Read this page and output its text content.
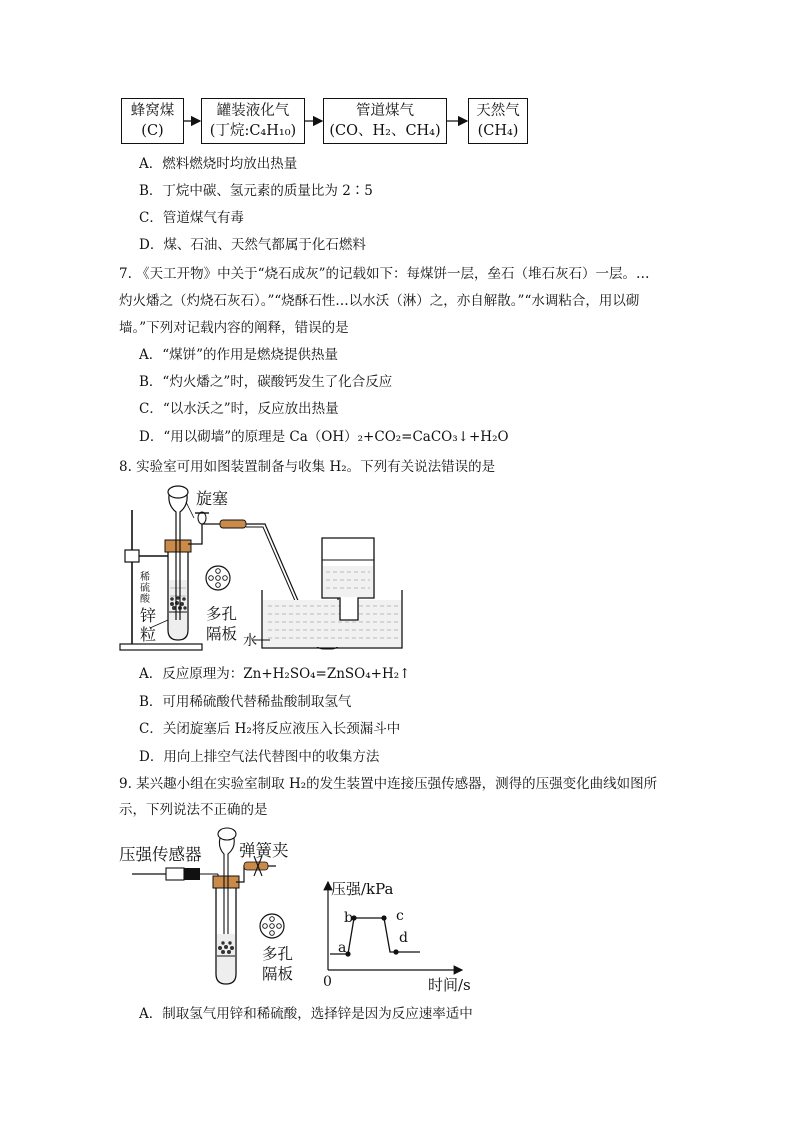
蜂窝煤
(C)
罐装液化气
(丁烷:C₄H₁₀)
管道煤气
(CO、H₂、CH₄)
天然气
(CH₄)
A．燃料燃烧时均放出热量
B．丁烷中碳、氢元素的质量比为 2∶5
C．管道煤气有毒
D．煤、石油、天然气都属于化石燃料
7. 《天工开物》中关于“烧石成灰”的记载如下：每煤饼一层，垒石（堆石灰石）一层。…
灼火燔之（灼烧石灰石）。”“烧酥石性…以水沃（淋）之，亦自解散。”“水调粘合，用以砌
墙。”下列对记载内容的阐释，错误的是
A．“煤饼”的作用是燃烧提供热量
B．“灼火燔之”时，碳酸钙发生了化合反应
C．“以水沃之”时，反应放出热量
D．“用以砌墙”的原理是 Ca（OH）₂+CO₂=CaCO₃↓+H₂O
8. 实验室可用如图装置制备与收集 H₂。下列有关说法错误的是
旋塞
稀硫酸
锌粒
多孔隔板 水
A．反应原理为：Zn+H₂SO₄=ZnSO₄+H₂↑
B．可用稀硫酸代替稀盐酸制取氢气
C．关闭旋塞后 H₂将反应液压入长颈漏斗中
D．用向上排空气法代替图中的收集方法
9. 某兴趣小组在实验室制取 H₂的发生装置中连接压强传感器，测得的压强变化曲线如图所
示，下列说法不正确的是
压强传感器 弹簧夹
多孔隔板
压强/kPa
时间/s
0
a
b	c
d
A．制取氢气用锌和稀硫酸，选择锌是因为反应速率适中
